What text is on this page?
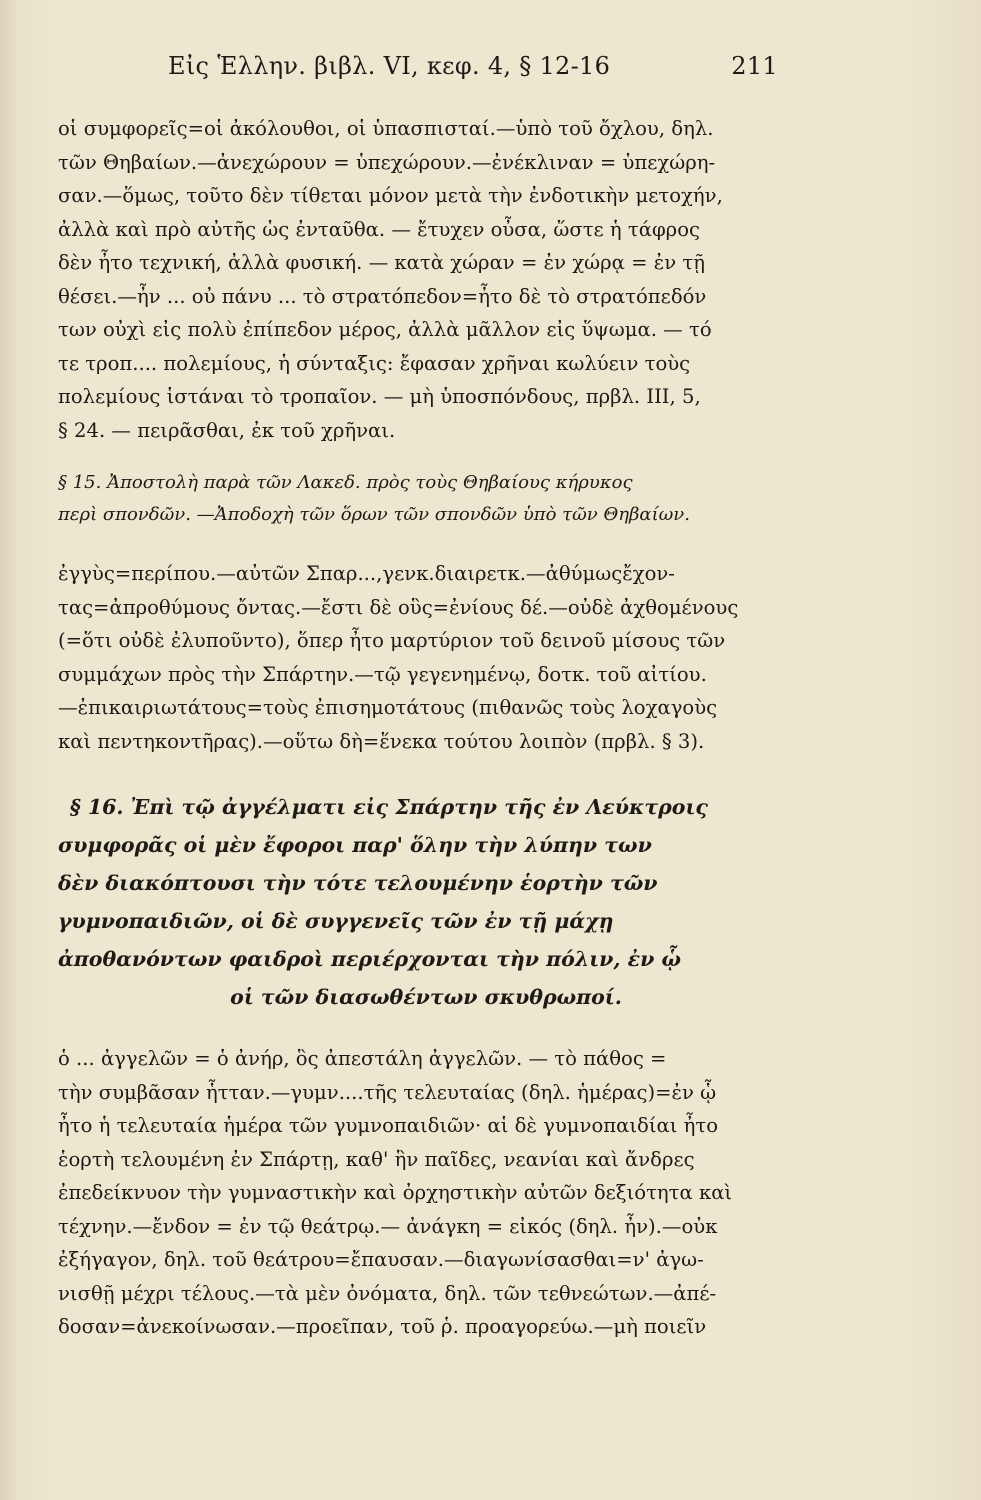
Εἰς Ἑλλην. βιβλ. VI, κεφ. 4, § 12-16	211

οἱ συμφορεῖς=οἱ ἀκόλουθοι, οἱ ὑπασπισταί.—ὑπὸ τοῦ ὄχλου, δηλ.
τῶν Θηβαίων.—ἀνεχώρουν = ὑπεχώρουν.—ἐνέκλιναν = ὑπεχώρη-
σαν.—ὅμως, τοῦτο δὲν τίθεται μόνον μετὰ τὴν ἐνδοτικὴν μετοχήν,
ἀλλὰ καὶ πρὸ αὐτῆς ὡς ἐνταῦθα. — ἔτυχεν οὖσα, ὥστε ἡ τάφρος
δὲν ἦτο τεχνική, ἀλλὰ φυσική. — κατὰ χώραν = ἐν χώρᾳ = ἐν τῇ
θέσει.—ἦν ... οὐ πάνυ ... τὸ στρατόπεδον=ἦτο δὲ τὸ στρατόπεδόν
των οὐχὶ εἰς πολὺ ἐπίπεδον μέρος, ἀλλὰ μᾶλλον εἰς ὕψωμα. — τό
τε τροπ.... πολεμίους, ἡ σύνταξις: ἔφασαν χρῆναι κωλύειν τοὺς
πολεμίους ἱστάναι τὸ τροπαῖον. — μὴ ὑποσπόνδους, πρβλ. III, 5,
§ 24. — πειρᾶσθαι, ἐκ τοῦ χρῆναι.

§ 15. Ἀποστολὴ παρὰ τῶν Λακεδ. πρὸς τοὺς Θηβαίους κήρυκος
περὶ σπονδῶν. —Ἀποδοχὴ τῶν ὅρων τῶν σπονδῶν ὑπὸ τῶν Θηβαίων.

ἐγγὺς=περίπου.—αὐτῶν Σπαρ...,γενκ.διαιρετκ.—ἀθύμωςἔχον-
τας=ἀπροθύμους ὄντας.—ἔστι δὲ οὓς=ἐνίους δέ.—οὐδὲ ἀχθομένους
(=ὅτι οὐδὲ ἐλυποῦντο), ὅπερ ἦτο μαρτύριον τοῦ δεινοῦ μίσους τῶν
συμμάχων πρὸς τὴν Σπάρτην.—τῷ γεγενημένῳ, δοτκ. τοῦ αἰτίου.
—ἐπικαιριωτάτους=τοὺς ἐπισημοτάτους (πιθανῶς τοὺς λοχαγοὺς
καὶ πεντηκοντῆρας).—οὕτω δὴ=ἕνεκα τούτου λοιπὸν (πρβλ. § 3).

§ 16. Ἐπὶ τῷ ἀγγέλματι εἰς Σπάρτην τῆς ἐν Λεύκτροις
συμφορᾶς οἱ μὲν ἔφοροι παρ' ὅλην τὴν λύπην των
δὲν διακόπτουσι τὴν τότε τελουμένην ἑορτὴν τῶν
γυμνοπαιδιῶν, οἱ δὲ συγγενεῖς τῶν ἐν τῇ μάχῃ
ἀποθανόντων φαιδροὶ περιέρχονται τὴν πόλιν, ἐν ᾧ
οἱ τῶν διασωθέντων σκυθρωποί.

ὁ ... ἀγγελῶν = ὁ ἀνήρ, ὃς ἀπεστάλη ἀγγελῶν. — τὸ πάθος =
τὴν συμβᾶσαν ἧτταν.—γυμν....τῆς τελευταίας (δηλ. ἡμέρας)=ἐν ᾧ
ἦτο ἡ τελευταία ἡμέρα τῶν γυμνοπαιδιῶν· αἱ δὲ γυμνοπαιδίαι ἦτο
ἑορτὴ τελουμένη ἐν Σπάρτῃ, καθ' ἣν παῖδες, νεανίαι καὶ ἄνδρες
ἐπεδείκνυον τὴν γυμναστικὴν καὶ ὀρχηστικὴν αὐτῶν δεξιότητα καὶ
τέχνην.—ἔνδον = ἐν τῷ θεάτρῳ.— ἀνάγκη = εἰκός (δηλ. ἦν).—οὐκ
ἐξήγαγον, δηλ. τοῦ θεάτρου=ἔπαυσαν.—διαγωνίσασθαι=ν' ἀγω-
νισθῇ μέχρι τέλους.—τὰ μὲν ὀνόματα, δηλ. τῶν τεθνεώτων.—ἀπέ-
δοσαν=ἀνεκοίνωσαν.—προεῖπαν, τοῦ ῥ. προαγορεύω.—μὴ ποιεῖν
